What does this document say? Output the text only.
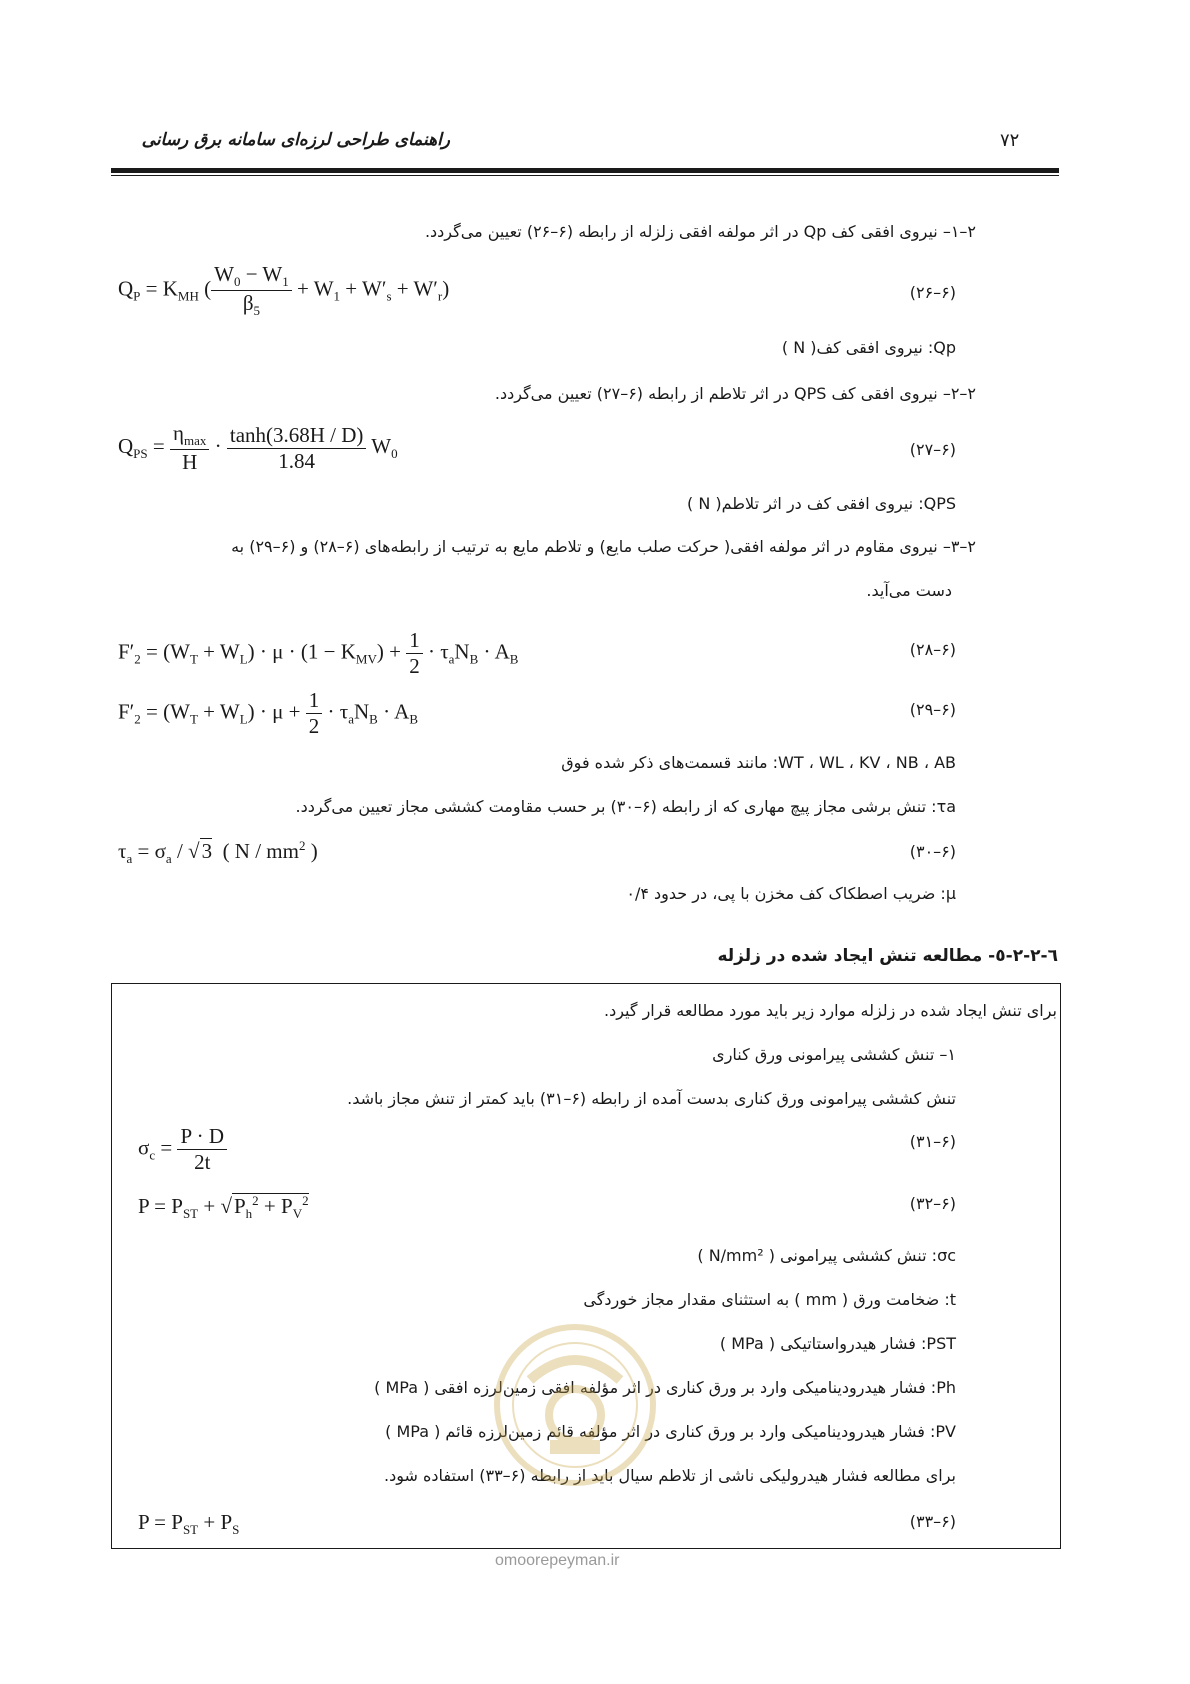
۷۲
راهنمای طراحی لرزه‌ای سامانه برق رسانی
۲–۱– نیروی افقی کف Qp در اثر مولفه افقی زلزله از رابطه (۶–۲۶) تعیین می‌گردد.
$Q_P = K_{MH}$ ( $\frac{W_0 - W_1}{\beta_5} + W_1 + W'_s + W'_r$)	(۶–۲۶)
Qp: نیروی افقی کف( N )
۲–۲– نیروی افقی کف QPS در اثر تلاطم از رابطه (۶–۲۷) تعیین می‌گردد.
$Q_{PS} = \frac{\eta_{max}}{H} \cdot \frac{\tanh(3.68H / D)}{1.84} W_0$	(۶–۲۷)
QPS: نیروی افقی کف در اثر تلاطم( N )
۲–۳– نیروی مقاوم در اثر مولفه افقی( حرکت صلب مایع) و تلاطم مایع به ترتیب از رابطه‌های (۶–۲۸) و (۶–۲۹) به
دست می‌آید.
$F'_2 = (W_T + W_L) \cdot \mu \cdot (1 - K_{MV}) + \frac{1}{2} \cdot \tau_aN_B \cdot A_B$	(۶–۲۸)
$F'_2 = (W_T + W_L) \cdot \mu + \frac{1}{2} \cdot \tau_aN_B \cdot A_B$	(۶–۲۹)
WT ، WL ، KV ، NB ، AB: مانند قسمت‌های ذکر شده فوق
τa: تنش برشی مجاز پیچ مهاری که از رابطه (۶–۳۰) بر حسب مقاومت کششی مجاز تعیین می‌گردد.
$\tau_a = \sigma_a / √3$  ( N / $mm^2$ )	(۶–۳۰)
μ: ضریب اصطکاک کف مخزن با پی، در حدود ۰/۴
٦-٢-٢-٥- مطالعه تنش ایجاد شده در زلزله
برای تنش ایجاد شده در زلزله موارد زیر باید مورد مطالعه قرار گیرد.
۱– تنش کششی پیرامونی ورق کناری
تنش کششی پیرامونی ورق کناری بدست آمده از رابطه (۶–۳۱) باید کمتر از تنش مجاز باشد.
$\sigma_c = \frac{P \cdot D}{2t}$	(۶–۳۱)
$P = P_{ST} + √P_h^2 + P_V^2$	(۶–۳۲)
σc: تنش کششی پیرامونی ( N/mm² )
t: ضخامت ورق ( mm ) به استثنای مقدار مجاز خوردگی
PST: فشار هیدرواستاتیکی ( MPa )
Ph: فشار هیدرودینامیکی وارد بر ورق کناری در اثر مؤلفه افقی زمین‌لرزه افقی ( MPa )
PV: فشار هیدرودینامیکی وارد بر ورق کناری در اثر مؤلفه قائم زمین‌لرزه قائم ( MPa )
برای مطالعه فشار هیدرولیکی ناشی از تلاطم سیال باید از رابطه (۶–۳۳) استفاده شود.
$P = P_{ST} + P_S$	(۶–۳۳)
omoorepeyman.ir
